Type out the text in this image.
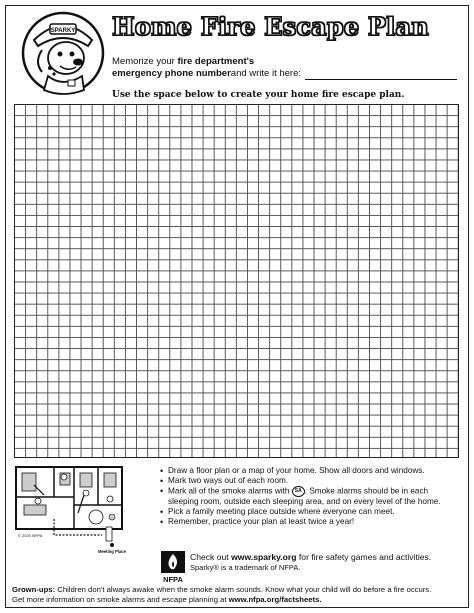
SPARKY Home Fire Escape Plan
Memorize your fire department's
emergency phone number and write it here:
Use the space below to create your home fire escape plan.
© 2020 NFPA
Meeting Place
• Draw a floor plan or a map of your home. Show all doors and windows.
• Mark two ways out of each room.
• Mark all of the smoke alarms with SA . Smoke alarms should be in each sleeping room, outside each sleeping area, and on every level of the home.
• Pick a family meeting place outside where everyone can meet.
• Remember, practice your plan at least twice a year!
NFPA
Check out www.sparky.org for fire safety games and activities.
Sparky® is a trademark of NFPA.
Grown-ups: Children don't always awake when the smoke alarm sounds. Know what your child will do before a fire occurs.
Get more information on smoke alarms and escape planning at www.nfpa.org/factsheets.
